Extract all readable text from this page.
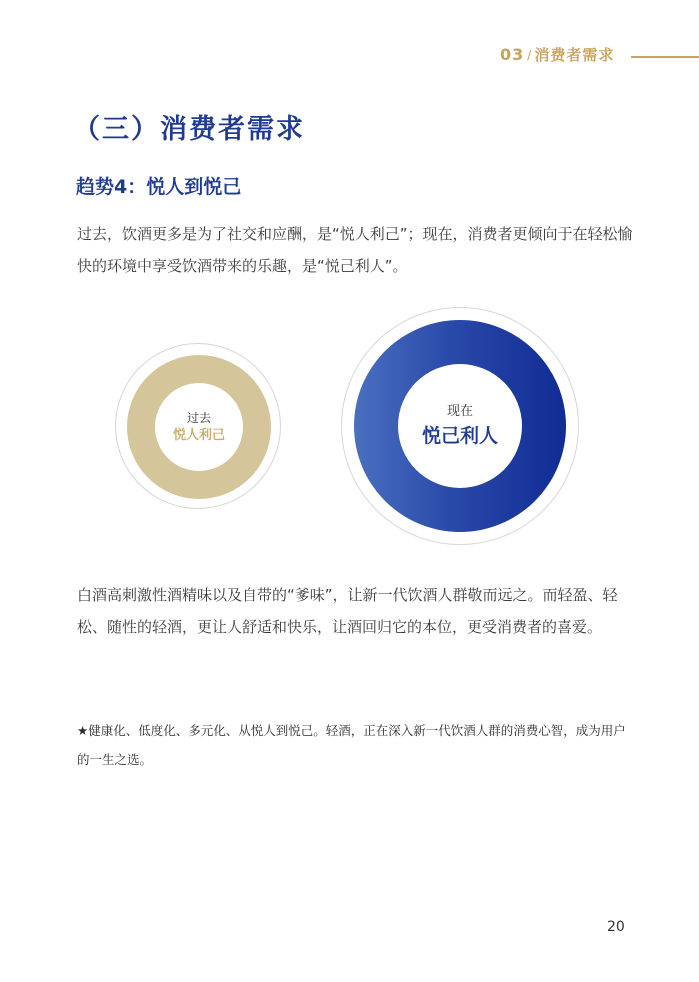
03 / 消费者需求
（三）消费者需求
趋势4：悦人到悦己

过去，饮酒更多是为了社交和应酬，是“悦人利己”；现在，消费者更倾向于在轻松愉快的环境中享受饮酒带来的乐趣，是“悦己利人”。

过去
悦人利己
现在
悦己利人

白酒高刺激性酒精味以及自带的“爹味”，让新一代饮酒人群敬而远之。而轻盈、轻松、随性的轻酒，更让人舒适和快乐，让酒回归它的本位，更受消费者的喜爱。

★健康化、低度化、多元化、从悦人到悦己。轻酒，正在深入新一代饮酒人群的消费心智，成为用户的一生之选。

20
